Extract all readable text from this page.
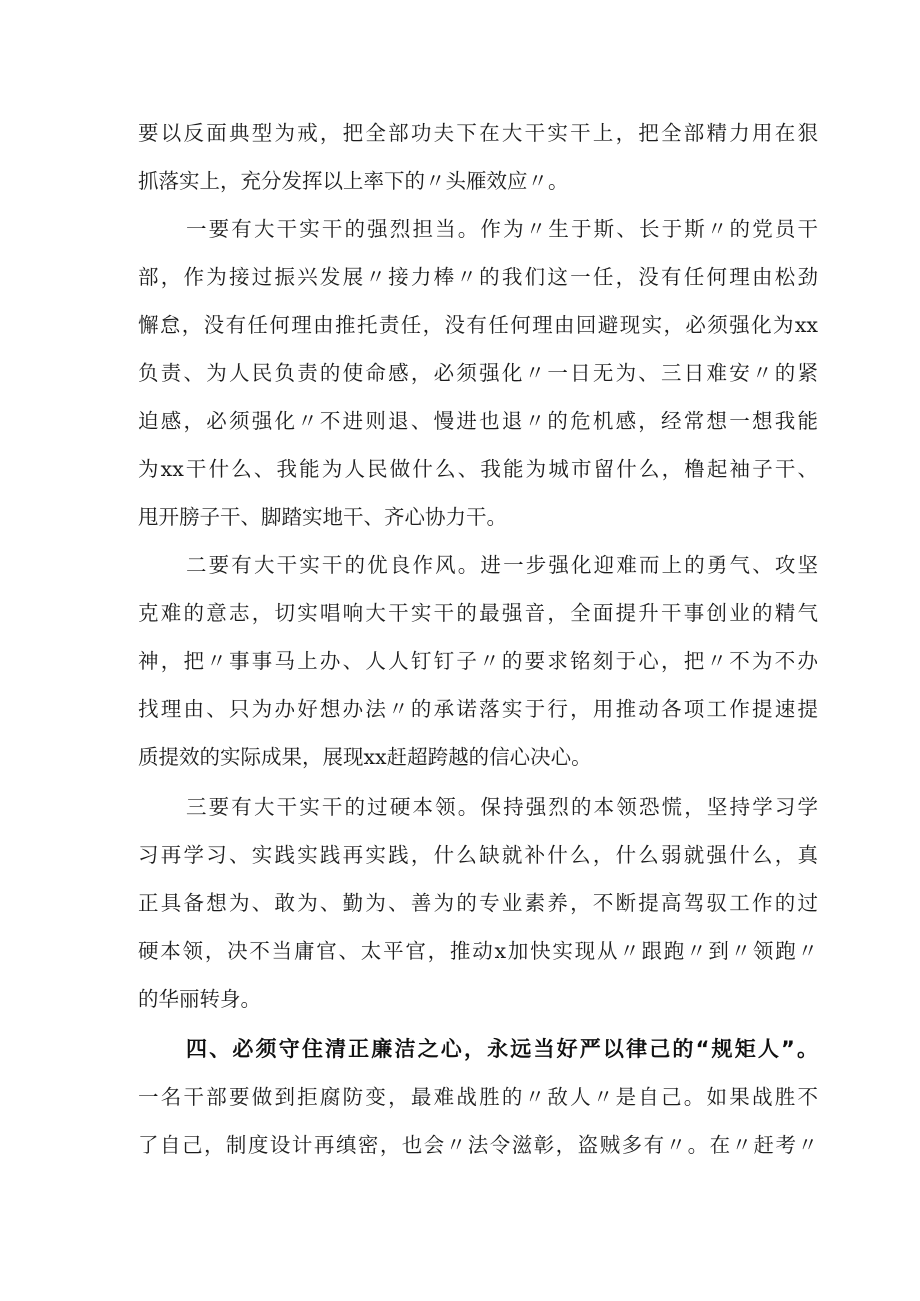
要以反面典型为戒，把全部功夫下在大干实干上，把全部精力用在狠
抓落实上，充分发挥以上率下的〃头雁效应〃。
一要有大干实干的强烈担当。作为〃生于斯、长于斯〃的党员干
部，作为接过振兴发展〃接力棒〃的我们这一任，没有任何理由松劲
懈怠，没有任何理由推托责任，没有任何理由回避现实，必须强化为xx
负责、为人民负责的使命感，必须强化〃一日无为、三日难安〃的紧
迫感，必须强化〃不进则退、慢进也退〃的危机感，经常想一想我能
为xx干什么、我能为人民做什么、我能为城市留什么，橹起袖子干、
甩开膀子干、脚踏实地干、齐心协力干。
二要有大干实干的优良作风。进一步强化迎难而上的勇气、攻坚
克难的意志，切实唱响大干实干的最强音，全面提升干事创业的精气
神，把〃事事马上办、人人钉钉子〃的要求铭刻于心，把〃不为不办
找理由、只为办好想办法〃的承诺落实于行，用推动各项工作提速提
质提效的实际成果，展现xx赶超跨越的信心决心。
三要有大干实干的过硬本领。保持强烈的本领恐慌，坚持学习学
习再学习、实践实践再实践，什么缺就补什么，什么弱就强什么，真
正具备想为、敢为、勤为、善为的专业素养，不断提高驾驭工作的过
硬本领，决不当庸官、太平官，推动x加快实现从〃跟跑〃到〃领跑〃
的华丽转身。
四、必须守住清正廉洁之心，永远当好严以律己的“规矩人”。
一名干部要做到拒腐防变，最难战胜的〃敌人〃是自己。如果战胜不
了自己，制度设计再缜密，也会〃法令滋彰，盗贼多有〃。在〃赶考〃
